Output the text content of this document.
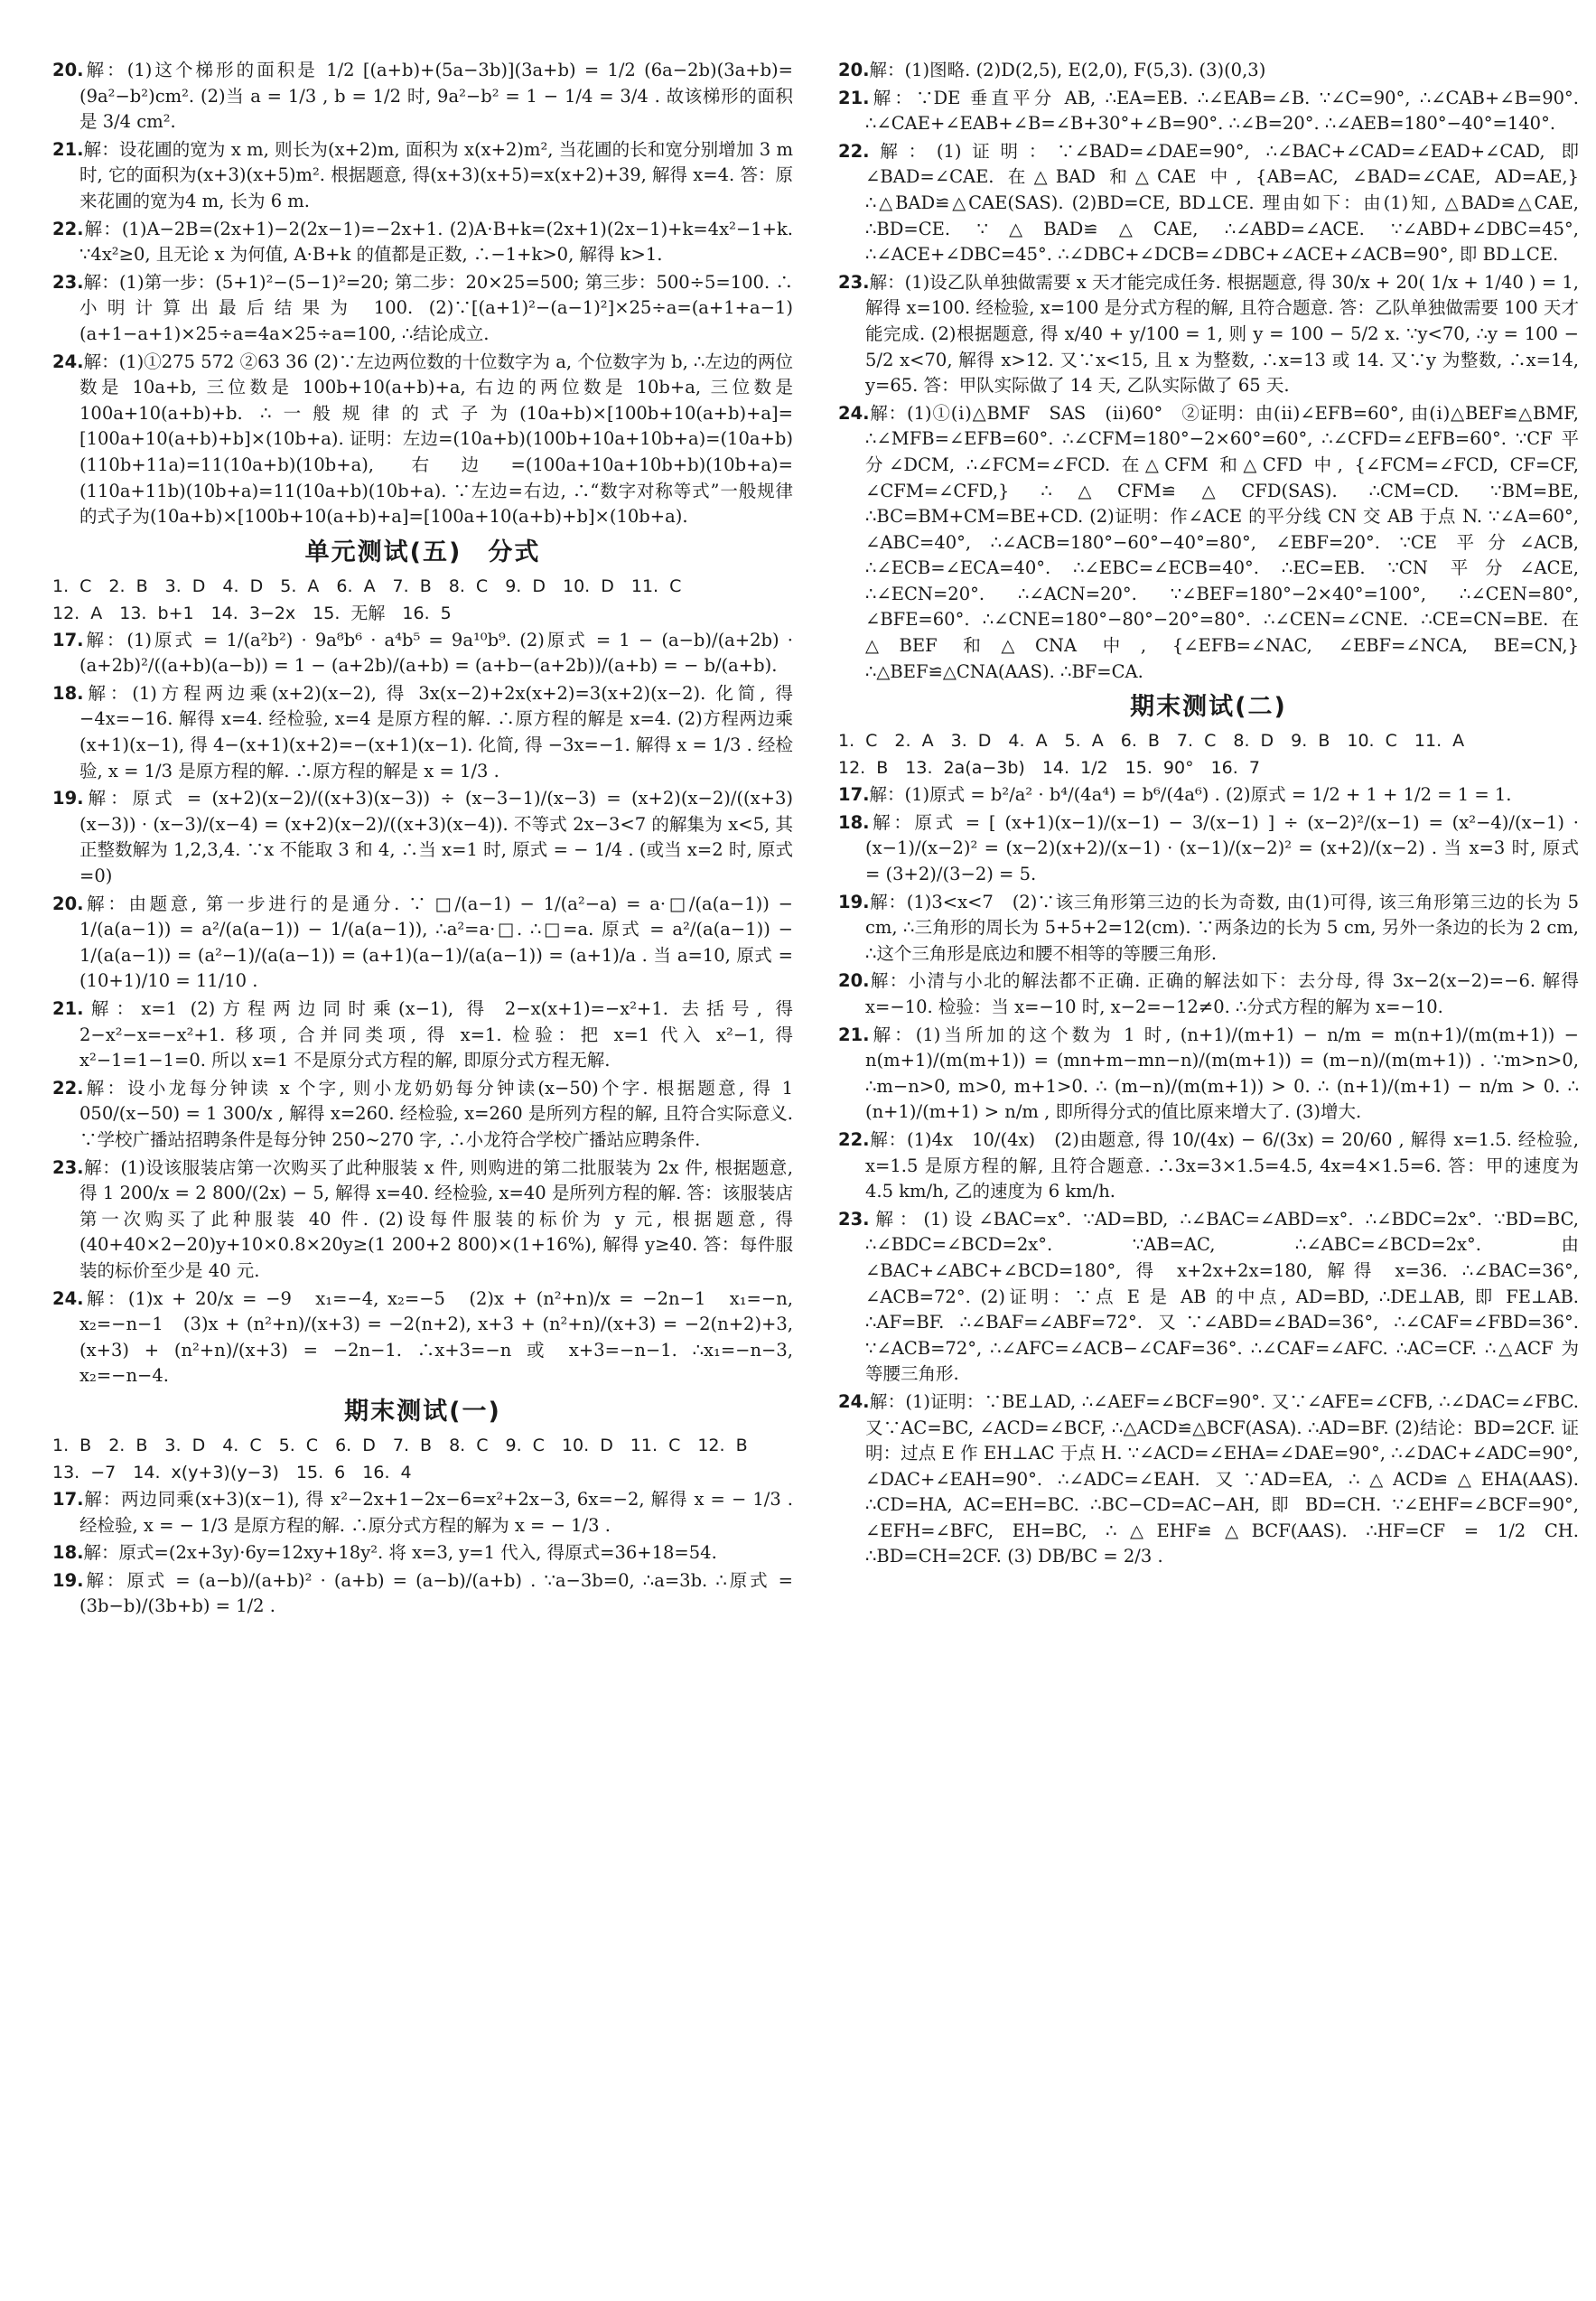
20.解：(1)这个梯形的面积是 1/2 [(a+b)+(5a−3b)](3a+b) = 1/2 (6a−2b)(3a+b)=(9a²−b²)cm². (2)当 a = 1/3 , b = 1/2 时, 9a²−b² = 1 − 1/4 = 3/4 . 故该梯形的面积是 3/4 cm².

21.解：设花圃的宽为 x m, 则长为(x+2)m, 面积为 x(x+2)m², 当花圃的长和宽分别增加 3 m 时, 它的面积为(x+3)(x+5)m². 根据题意, 得(x+3)(x+5)=x(x+2)+39, 解得 x=4. 答：原来花圃的宽为4 m, 长为 6 m.

22.解：(1)A−2B=(2x+1)−2(2x−1)=−2x+1. (2)A·B+k=(2x+1)(2x−1)+k=4x²−1+k. ∵4x²≥0, 且无论 x 为何值, A·B+k 的值都是正数, ∴−1+k>0, 解得 k>1.

23.解：(1)第一步：(5+1)²−(5−1)²=20; 第二步：20×25=500; 第三步：500÷5=100. ∴小明计算出最后结果为 100. (2)∵[(a+1)²−(a−1)²]×25÷a=(a+1+a−1)(a+1−a+1)×25÷a=4a×25÷a=100, ∴结论成立.

24.解：(1)①275 572 ②63 36 (2)∵左边两位数的十位数字为 a, 个位数字为 b, ∴左边的两位数是 10a+b, 三位数是 100b+10(a+b)+a, 右边的两位数是 10b+a, 三位数是 100a+10(a+b)+b. ∴一般规律的式子为(10a+b)×[100b+10(a+b)+a]=[100a+10(a+b)+b]×(10b+a). 证明：左边=(10a+b)(100b+10a+10b+a)=(10a+b)(110b+11a)=11(10a+b)(10b+a), 右边=(100a+10a+10b+b)(10b+a)=(110a+11b)(10b+a)=11(10a+b)(10b+a). ∵左边=右边, ∴“数字对称等式”一般规律的式子为(10a+b)×[100b+10(a+b)+a]=[100a+10(a+b)+b]×(10b+a).

单元测试(五)　分式
1. C　2. B　3. D　4. D　5. A　6. A　7. B　8. C　9. D　10. D　11. C
12. A　13. b+1　14. 3−2x　15. 无解　16. 5

17.解：(1)原式 = 1/(a²b²) · 9a⁸b⁶ · a⁴b⁵ = 9a¹⁰b⁹. (2)原式 = 1 − (a−b)/(a+2b) · (a+2b)²/((a+b)(a−b)) = 1 − (a+2b)/(a+b) = (a+b−(a+2b))/(a+b) = − b/(a+b).

18.解：(1)方程两边乘(x+2)(x−2), 得 3x(x−2)+2x(x+2)=3(x+2)(x−2). 化简, 得 −4x=−16. 解得 x=4. 经检验, x=4 是原方程的解. ∴原方程的解是 x=4. (2)方程两边乘(x+1)(x−1), 得 4−(x+1)(x+2)=−(x+1)(x−1). 化简, 得 −3x=−1. 解得 x = 1/3 . 经检验, x = 1/3 是原方程的解. ∴原方程的解是 x = 1/3 .

19.解：原式 = (x+2)(x−2)/((x+3)(x−3)) ÷ (x−3−1)/(x−3) = (x+2)(x−2)/((x+3)(x−3)) · (x−3)/(x−4) = (x+2)(x−2)/((x+3)(x−4)). 不等式 2x−3<7 的解集为 x<5, 其正整数解为 1,2,3,4. ∵x 不能取 3 和 4, ∴当 x=1 时, 原式 = − 1/4 . (或当 x=2 时, 原式=0)

20.解：由题意, 第一步进行的是通分. ∵ □/(a−1) − 1/(a²−a) = a·□/(a(a−1)) − 1/(a(a−1)) = a²/(a(a−1)) − 1/(a(a−1)), ∴a²=a·□. ∴□=a. 原式 = a²/(a(a−1)) − 1/(a(a−1)) = (a²−1)/(a(a−1)) = (a+1)(a−1)/(a(a−1)) = (a+1)/a . 当 a=10, 原式 = (10+1)/10 = 11/10 .

21.解：x=1 (2)方程两边同时乘(x−1), 得 2−x(x+1)=−x²+1. 去括号, 得 2−x²−x=−x²+1. 移项, 合并同类项, 得 x=1. 检验：把 x=1 代入 x²−1, 得 x²−1=1−1=0. 所以 x=1 不是原分式方程的解, 即原分式方程无解.

22.解：设小龙每分钟读 x 个字, 则小龙奶奶每分钟读(x−50)个字. 根据题意, 得 1 050/(x−50) = 1 300/x , 解得 x=260. 经检验, x=260 是所列方程的解, 且符合实际意义. ∵学校广播站招聘条件是每分钟 250~270 字, ∴小龙符合学校广播站应聘条件.

23.解：(1)设该服装店第一次购买了此种服装 x 件, 则购进的第二批服装为 2x 件, 根据题意, 得 1 200/x = 2 800/(2x) − 5, 解得 x=40. 经检验, x=40 是所列方程的解. 答：该服装店第一次购买了此种服装 40 件. (2)设每件服装的标价为 y 元, 根据题意, 得(40+40×2−20)y+10×0.8×20y≥(1 200+2 800)×(1+16%), 解得 y≥40. 答：每件服装的标价至少是 40 元.

24.解：(1)x + 20/x = −9　x₁=−4, x₂=−5　(2)x + (n²+n)/x = −2n−1　x₁=−n, x₂=−n−1　(3)x + (n²+n)/(x+3) = −2(n+2), x+3 + (n²+n)/(x+3) = −2(n+2)+3, (x+3) + (n²+n)/(x+3) = −2n−1. ∴x+3=−n 或 x+3=−n−1. ∴x₁=−n−3, x₂=−n−4.

期末测试(一)
1. B　2. B　3. D　4. C　5. C　6. D　7. B　8. C　9. C　10. D　11. C　12. B
13. −7　14. x(y+3)(y−3)　15. 6　16. 4

17.解：两边同乘(x+3)(x−1), 得 x²−2x+1−2x−6=x²+2x−3, 6x=−2, 解得 x = − 1/3 . 经检验, x = − 1/3 是原方程的解. ∴原分式方程的解为 x = − 1/3 .

18.解：原式=(2x+3y)·6y=12xy+18y². 将 x=3, y=1 代入, 得原式=36+18=54.

19.解：原式 = (a−b)/(a+b)² · (a+b) = (a−b)/(a+b) . ∵a−3b=0, ∴a=3b. ∴原式 = (3b−b)/(3b+b) = 1/2 .

20.解：(1)图略. (2)D(2,5), E(2,0), F(5,3). (3)(0,3)

21.解：∵DE 垂直平分 AB, ∴EA=EB. ∴∠EAB=∠B. ∵∠C=90°, ∴∠CAB+∠B=90°. ∴∠CAE+∠EAB+∠B=∠B+30°+∠B=90°. ∴∠B=20°. ∴∠AEB=180°−40°=140°.

22.解：(1)证明：∵∠BAD=∠DAE=90°, ∴∠BAC+∠CAD=∠EAD+∠CAD, 即∠BAD=∠CAE. 在△BAD 和△CAE 中, {AB=AC, ∠BAD=∠CAE, AD=AE,} ∴△BAD≌△CAE(SAS). (2)BD=CE, BD⊥CE. 理由如下：由(1)知, △BAD≌△CAE, ∴BD=CE. ∵△BAD≌△CAE, ∴∠ABD=∠ACE. ∵∠ABD+∠DBC=45°, ∴∠ACE+∠DBC=45°. ∴∠DBC+∠DCB=∠DBC+∠ACE+∠ACB=90°, 即 BD⊥CE.

23.解：(1)设乙队单独做需要 x 天才能完成任务. 根据题意, 得 30/x + 20( 1/x + 1/40 ) = 1, 解得 x=100. 经检验, x=100 是分式方程的解, 且符合题意. 答：乙队单独做需要 100 天才能完成. (2)根据题意, 得 x/40 + y/100 = 1, 则 y = 100 − 5/2 x. ∵y<70, ∴y = 100 − 5/2 x<70, 解得 x>12. 又∵x<15, 且 x 为整数, ∴x=13 或 14. 又∵y 为整数, ∴x=14, y=65. 答：甲队实际做了 14 天, 乙队实际做了 65 天.

24.解：(1)①(ⅰ)△BMF　SAS　(ⅱ)60°　②证明：由(ⅱ)∠EFB=60°, 由(ⅰ)△BEF≌△BMF, ∴∠MFB=∠EFB=60°. ∴∠CFM=180°−2×60°=60°, ∴∠CFD=∠EFB=60°. ∵CF 平分∠DCM, ∴∠FCM=∠FCD. 在△CFM 和△CFD 中, {∠FCM=∠FCD, CF=CF, ∠CFM=∠CFD,} ∴△CFM≌△CFD(SAS). ∴CM=CD. ∵BM=BE, ∴BC=BM+CM=BE+CD. (2)证明：作∠ACE 的平分线 CN 交 AB 于点 N. ∵∠A=60°, ∠ABC=40°, ∴∠ACB=180°−60°−40°=80°, ∠EBF=20°. ∵CE 平分∠ACB, ∴∠ECB=∠ECA=40°. ∴∠EBC=∠ECB=40°. ∴EC=EB. ∵CN 平分∠ACE, ∴∠ECN=20°. ∴∠ACN=20°. ∵∠BEF=180°−2×40°=100°, ∴∠CEN=80°, ∠BFE=60°. ∴∠CNE=180°−80°−20°=80°. ∴∠CEN=∠CNE. ∴CE=CN=BE. 在△BEF 和△CNA 中, {∠EFB=∠NAC, ∠EBF=∠NCA, BE=CN,} ∴△BEF≌△CNA(AAS). ∴BF=CA.

期末测试(二)
1. C　2. A　3. D　4. A　5. A　6. B　7. C　8. D　9. B　10. C　11. A
12. B　13. 2a(a−3b)　14. 1/2　15. 90°　16. 7

17.解：(1)原式 = b²/a² · b⁴/(4a⁴) = b⁶/(4a⁶) . (2)原式 = 1/2 + 1 + 1/2 = 1 = 1.

18.解：原式 = [ (x+1)(x−1)/(x−1) − 3/(x−1) ] ÷ (x−2)²/(x−1) = (x²−4)/(x−1) · (x−1)/(x−2)² = (x−2)(x+2)/(x−1) · (x−1)/(x−2)² = (x+2)/(x−2) . 当 x=3 时, 原式 = (3+2)/(3−2) = 5.

19.解：(1)3<x<7　(2)∵该三角形第三边的长为奇数, 由(1)可得, 该三角形第三边的长为 5 cm, ∴三角形的周长为 5+5+2=12(cm). ∵两条边的长为 5 cm, 另外一条边的长为 2 cm, ∴这个三角形是底边和腰不相等的等腰三角形.

20.解：小清与小北的解法都不正确. 正确的解法如下：去分母, 得 3x−2(x−2)=−6. 解得 x=−10. 检验：当 x=−10 时, x−2=−12≠0. ∴分式方程的解为 x=−10.

21.解：(1)当所加的这个数为 1 时, (n+1)/(m+1) − n/m = m(n+1)/(m(m+1)) − n(m+1)/(m(m+1)) = (mn+m−mn−n)/(m(m+1)) = (m−n)/(m(m+1)) . ∵m>n>0, ∴m−n>0, m>0, m+1>0. ∴ (m−n)/(m(m+1)) > 0. ∴ (n+1)/(m+1) − n/m > 0. ∴ (n+1)/(m+1) > n/m , 即所得分式的值比原来增大了. (3)增大.

22.解：(1)4x　10/(4x)　(2)由题意, 得 10/(4x) − 6/(3x) = 20/60 , 解得 x=1.5. 经检验, x=1.5 是原方程的解, 且符合题意. ∴3x=3×1.5=4.5, 4x=4×1.5=6. 答：甲的速度为 4.5 km/h, 乙的速度为 6 km/h.

23.解：(1)设∠BAC=x°. ∵AD=BD, ∴∠BAC=∠ABD=x°. ∴∠BDC=2x°. ∵BD=BC, ∴∠BDC=∠BCD=2x°. ∵AB=AC, ∴∠ABC=∠BCD=2x°. 由∠BAC+∠ABC+∠BCD=180°, 得 x+2x+2x=180, 解得 x=36. ∴∠BAC=36°, ∠ACB=72°. (2)证明：∵点 E 是 AB 的中点, AD=BD, ∴DE⊥AB, 即 FE⊥AB. ∴AF=BF. ∴∠BAF=∠ABF=72°. 又∵∠ABD=∠BAD=36°, ∴∠CAF=∠FBD=36°. ∵∠ACB=72°, ∴∠AFC=∠ACB−∠CAF=36°. ∴∠CAF=∠AFC. ∴AC=CF. ∴△ACF 为等腰三角形.

24.解：(1)证明：∵BE⊥AD, ∴∠AEF=∠BCF=90°. 又∵∠AFE=∠CFB, ∴∠DAC=∠FBC. 又∵AC=BC, ∠ACD=∠BCF, ∴△ACD≌△BCF(ASA). ∴AD=BF. (2)结论：BD=2CF. 证明：过点 E 作 EH⊥AC 于点 H. ∵∠ACD=∠EHA=∠DAE=90°, ∴∠DAC+∠ADC=90°, ∠DAC+∠EAH=90°. ∴∠ADC=∠EAH. 又∵AD=EA, ∴△ACD≌△EHA(AAS). ∴CD=HA, AC=EH=BC. ∴BC−CD=AC−AH, 即 BD=CH. ∵∠EHF=∠BCF=90°, ∠EFH=∠BFC, EH=BC, ∴△EHF≌△BCF(AAS). ∴HF=CF = 1/2 CH. ∴BD=CH=2CF. (3) DB/BC = 2/3 .
